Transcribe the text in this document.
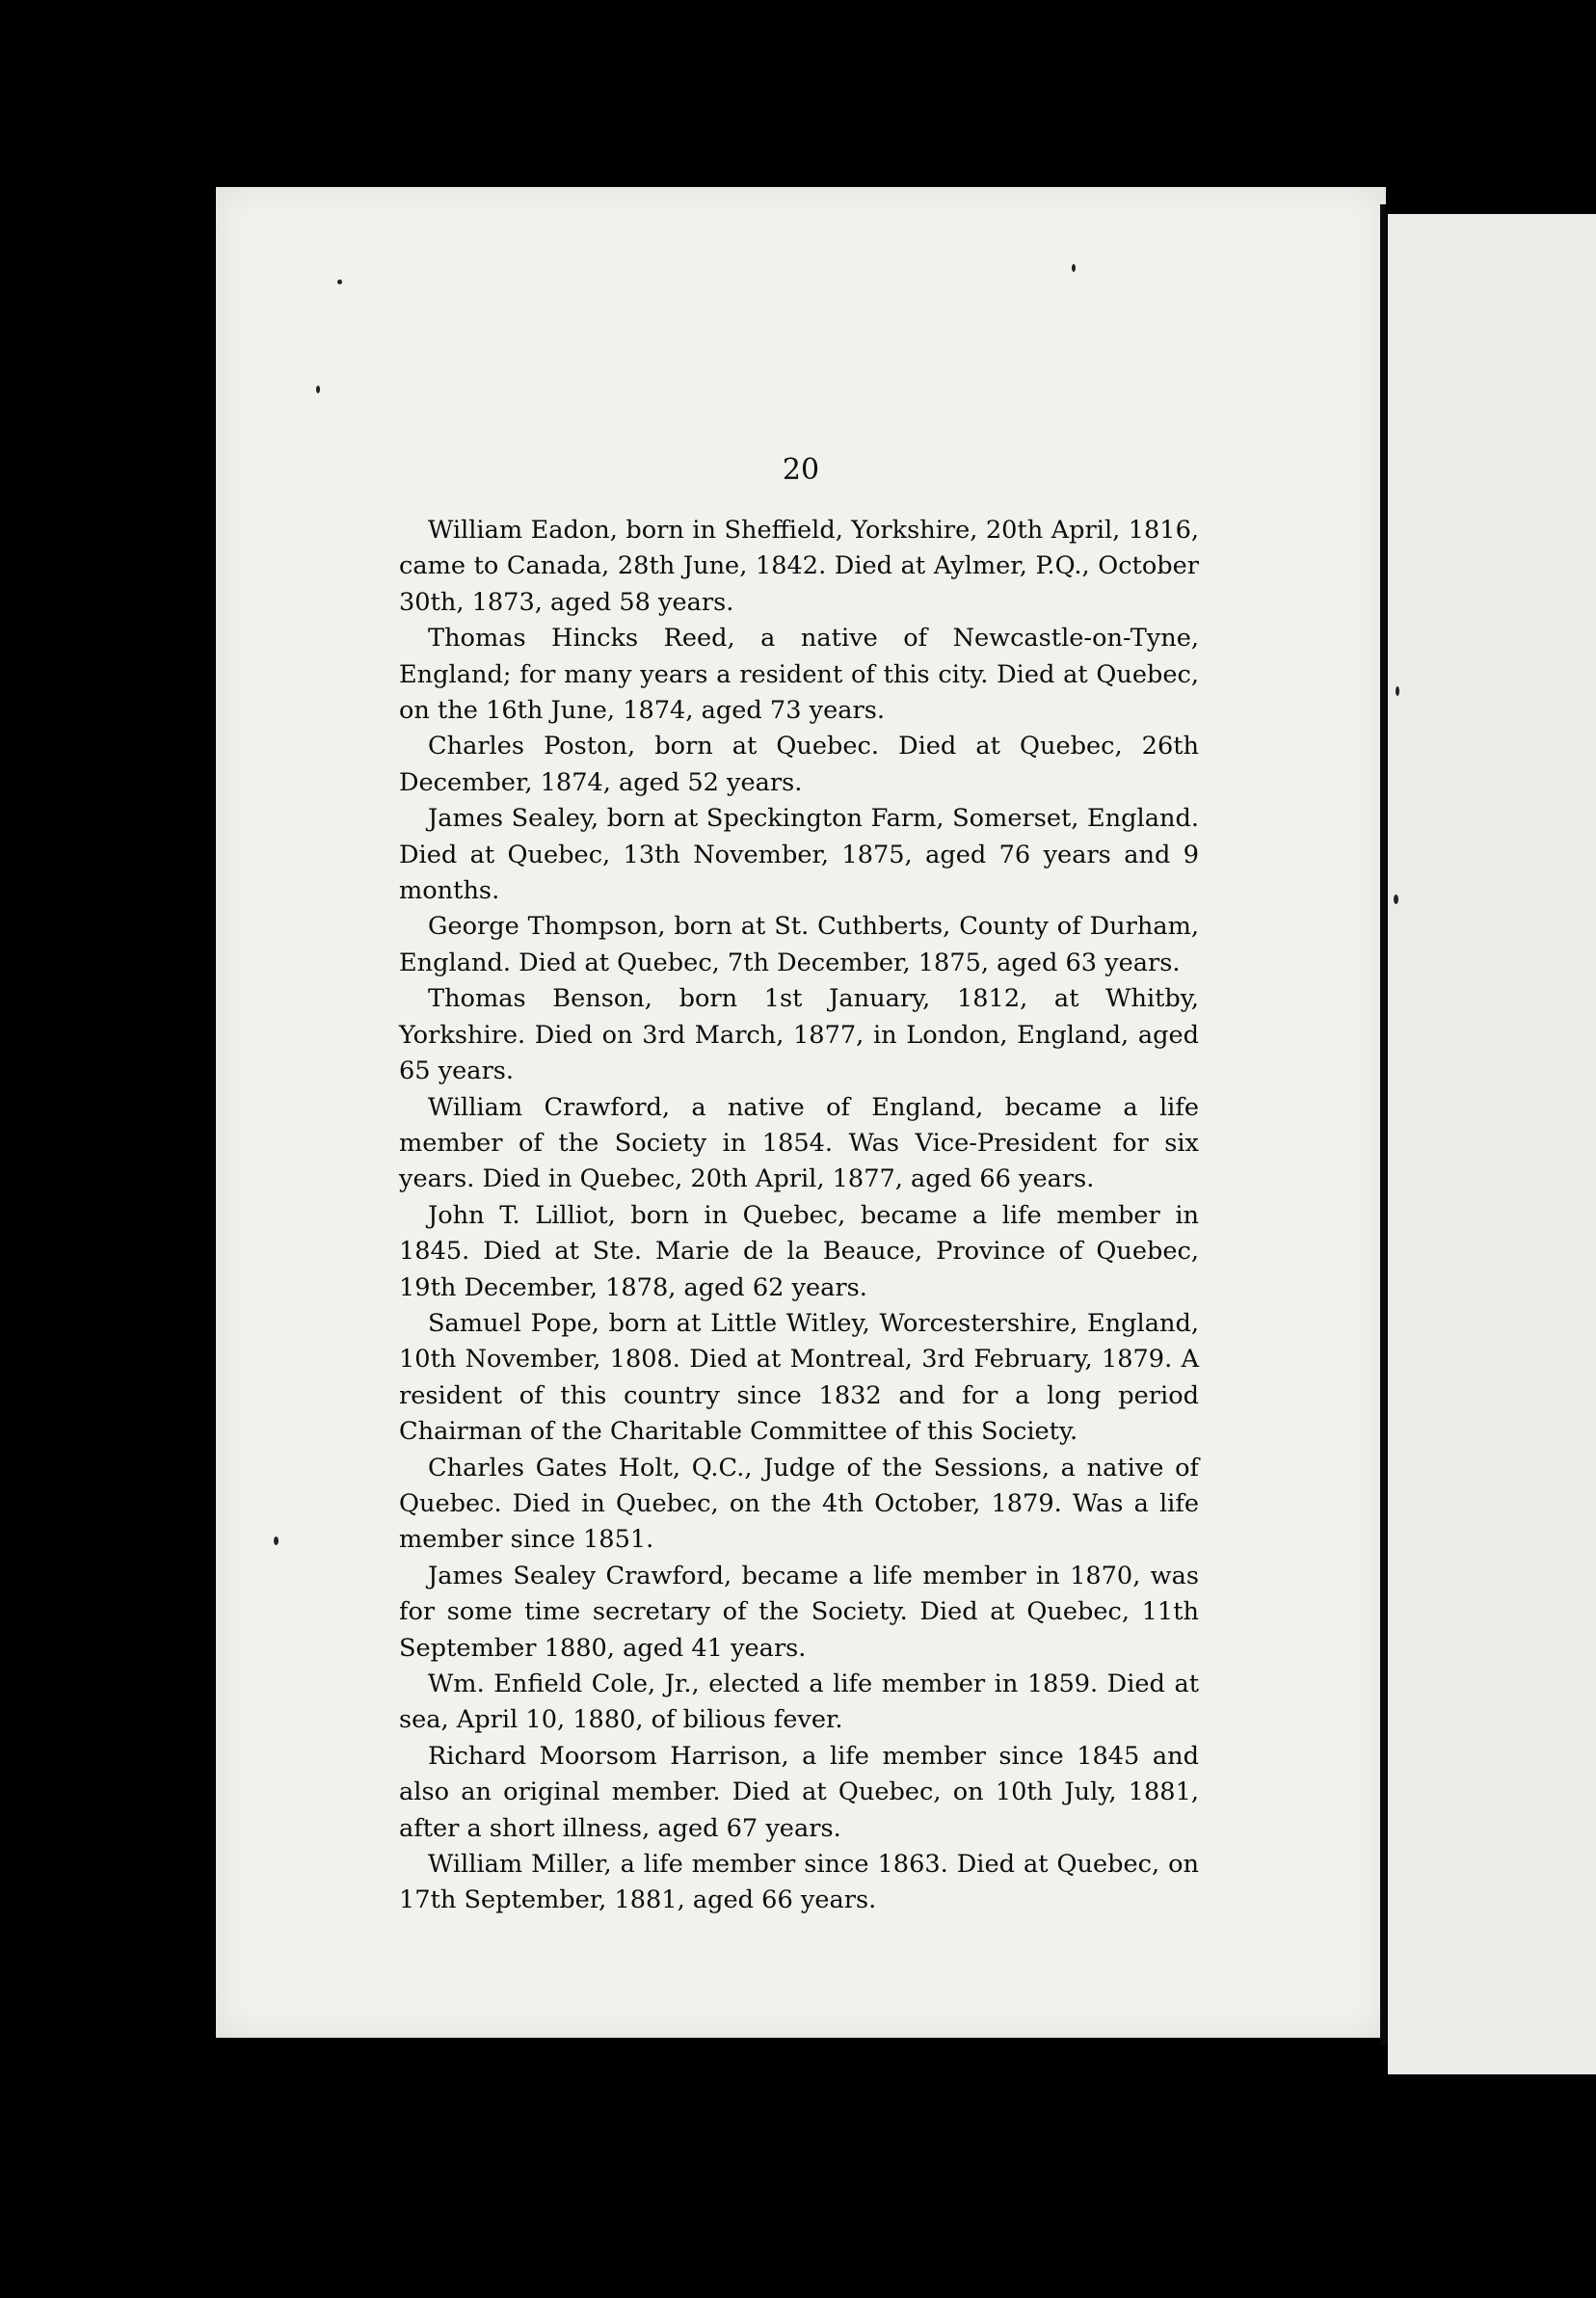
20

William Eadon, born in Sheffield, Yorkshire, 20th April, 1816, came to Canada, 28th June, 1842. Died at Aylmer, P.Q., October 30th, 1873, aged 58 years.

Thomas Hincks Reed, a native of Newcastle-on-Tyne, England; for many years a resident of this city. Died at Quebec, on the 16th June, 1874, aged 73 years.

Charles Poston, born at Quebec. Died at Quebec, 26th December, 1874, aged 52 years.

James Sealey, born at Speckington Farm, Somerset, England. Died at Quebec, 13th November, 1875, aged 76 years and 9 months.

George Thompson, born at St. Cuthberts, County of Durham, England. Died at Quebec, 7th December, 1875, aged 63 years.

Thomas Benson, born 1st January, 1812, at Whitby, Yorkshire. Died on 3rd March, 1877, in London, England, aged 65 years.

William Crawford, a native of England, became a life member of the Society in 1854. Was Vice-President for six years. Died in Quebec, 20th April, 1877, aged 66 years.

John T. Lilliot, born in Quebec, became a life member in 1845. Died at Ste. Marie de la Beauce, Province of Quebec, 19th December, 1878, aged 62 years.

Samuel Pope, born at Little Witley, Worcestershire, England, 10th November, 1808. Died at Montreal, 3rd February, 1879. A resident of this country since 1832 and for a long period Chairman of the Charitable Committee of this Society.

Charles Gates Holt, Q.C., Judge of the Sessions, a native of Quebec. Died in Quebec, on the 4th October, 1879. Was a life member since 1851.

James Sealey Crawford, became a life member in 1870, was for some time secretary of the Society. Died at Quebec, 11th September 1880, aged 41 years.

Wm. Enfield Cole, Jr., elected a life member in 1859. Died at sea, April 10, 1880, of bilious fever.

Richard Moorsom Harrison, a life member since 1845 and also an original member. Died at Quebec, on 10th July, 1881, after a short illness, aged 67 years.

William Miller, a life member since 1863. Died at Quebec, on 17th September, 1881, aged 66 years.
